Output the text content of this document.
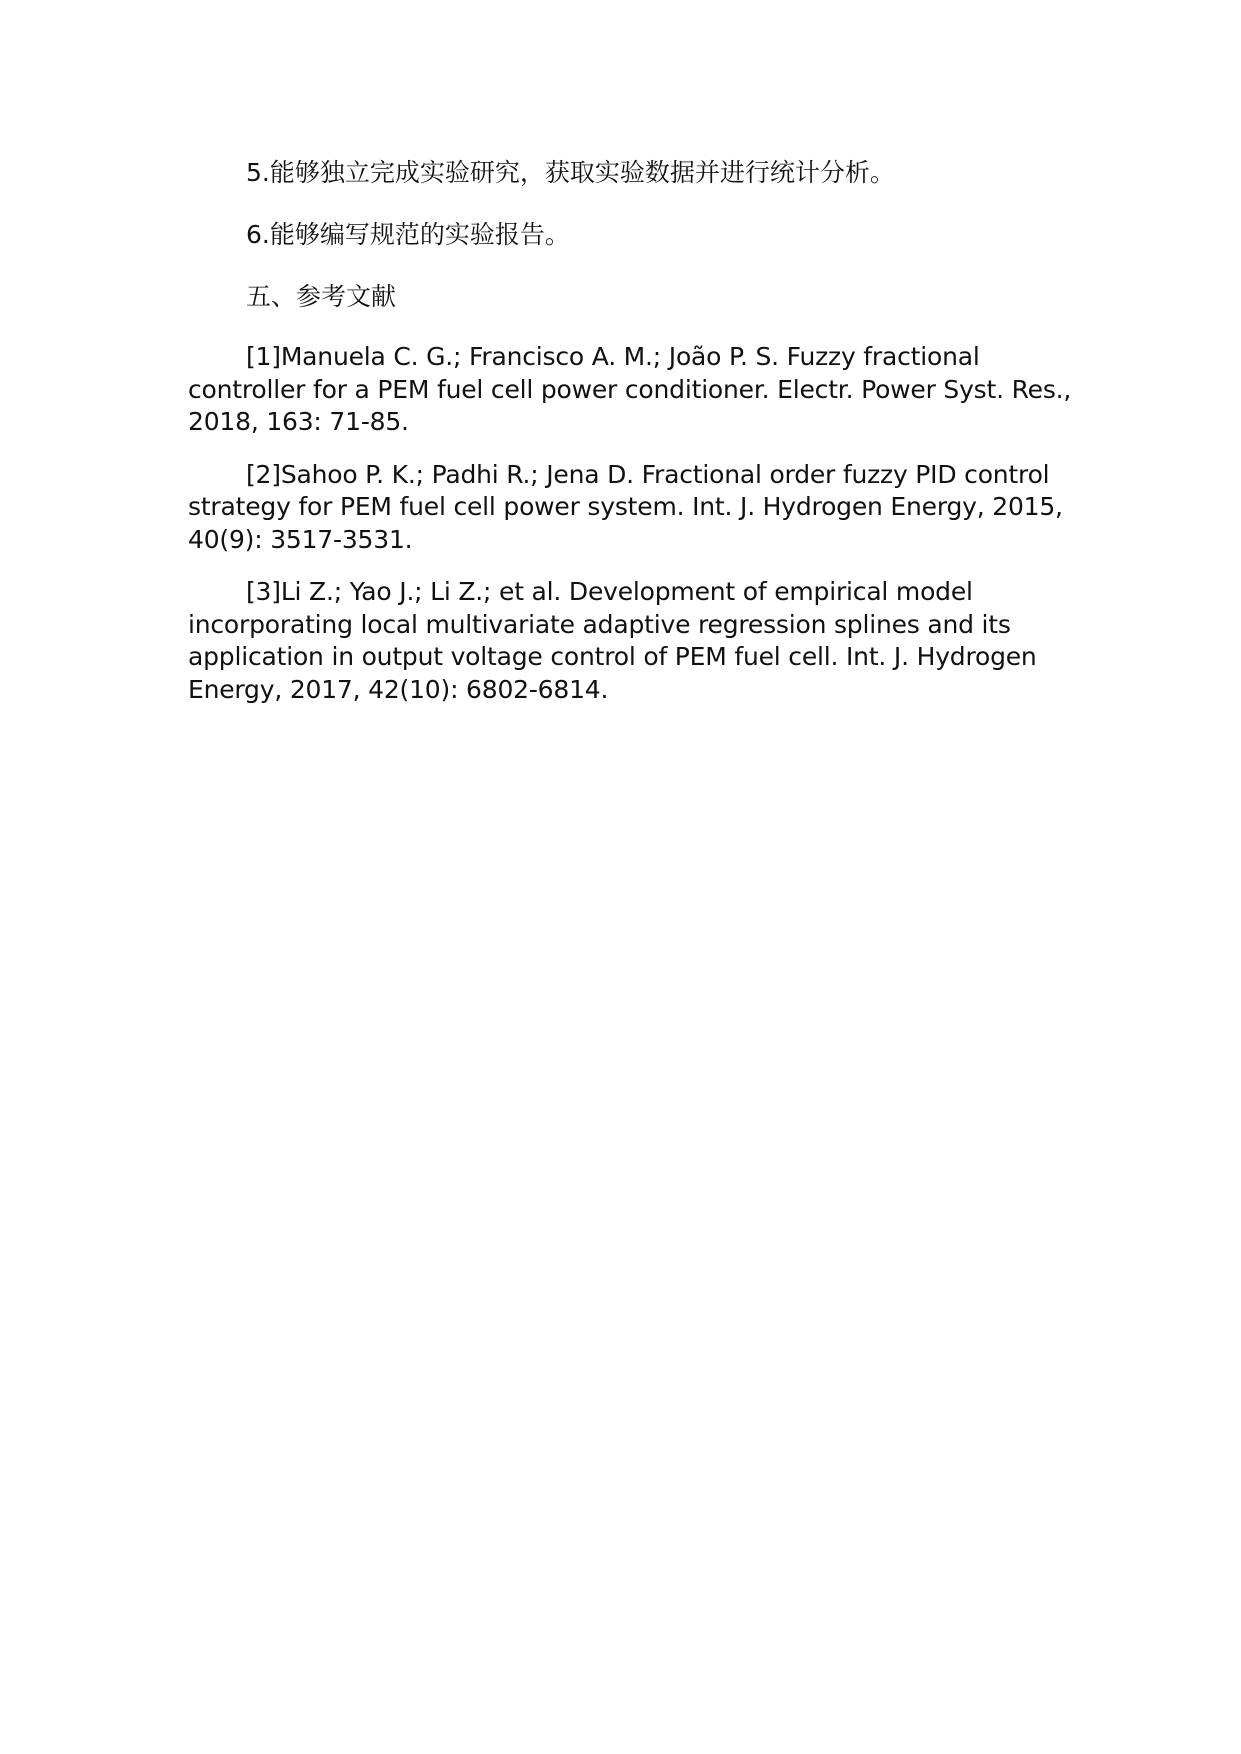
5.能够独立完成实验研究，获取实验数据并进行统计分析。

6.能够编写规范的实验报告。

五、参考文献

[1]Manuela C. G.; Francisco A. M.; João P. S. Fuzzy fractional
controller for a PEM fuel cell power conditioner. Electr. Power Syst. Res.,
2018, 163: 71-85.
[2]Sahoo P. K.; Padhi R.; Jena D. Fractional order fuzzy PID control
strategy for PEM fuel cell power system. Int. J. Hydrogen Energy, 2015,
40(9): 3517-3531.
[3]Li Z.; Yao J.; Li Z.; et al. Development of empirical model
incorporating local multivariate adaptive regression splines and its
application in output voltage control of PEM fuel cell. Int. J. Hydrogen
Energy, 2017, 42(10): 6802-6814.
